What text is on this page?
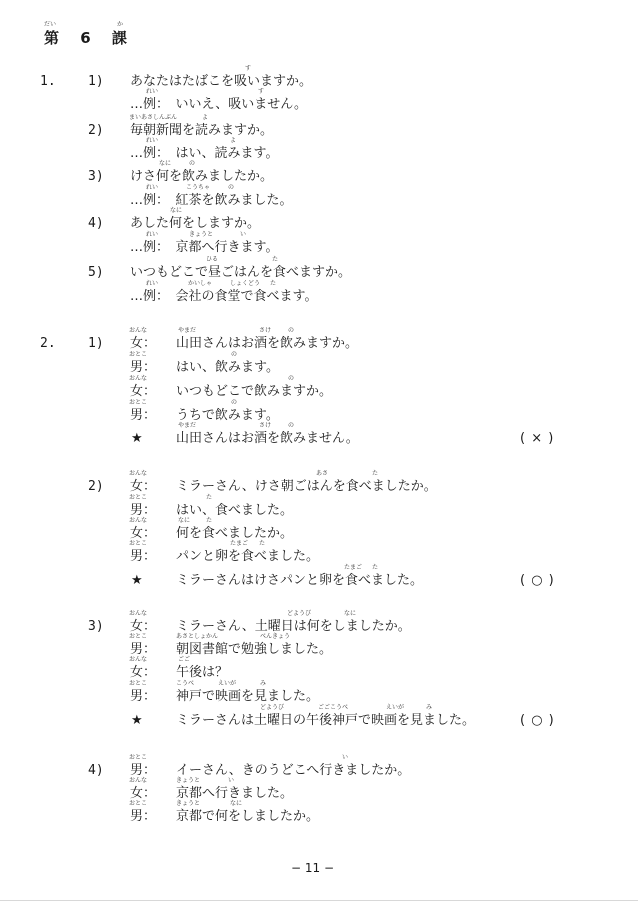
だい	か
第 6 課
1. 1)
す
あなたはたばこを吸いますか。
れい	す
…例：　いいえ、吸いません。
2)
まいあさしんぶん	よ
毎朝新聞を読みますか。
れい	よ
…例：　はい、読みます。
3)
なに	の
けさ何を飲みましたか。
れい	こうちゃ	の
…例：　紅茶を飲みました。
4)
なに
あした何をしますか。
れい	きょうと	い
…例：　京都へ行きます。
5)
ひる	た
いつもどこで昼ごはんを食べますか。
れい	かいしゃ	しょくどう た
…例：　会社の食堂で食べます。
2. 1)
おんな	やまだ	さけ	の
女： 山田さんはお酒を飲みますか。
おとこ	の
男： はい、飲みます。
おんな	の
女： いつもどこで飲みますか。
おとこ	の
男： うちで飲みます。
★
やまだ	さけ	の
山田さんはお酒を飲みません。	( × )
2)
おんな	あさ	た
女： ミラーさん、けさ朝ごはんを食べましたか。
おとこ	た
男： はい、食べました。
おんな	なに	た
女： 何を食べましたか。
おとこ	たまご た
男： パンと卵を食べました。
★
たまご た
ミラーさんはけさパンと卵を食べました。	( ○ )
3)
おんな	どようび	なに
女： ミラーさん、土曜日は何をしましたか。
おとこ	あさとしょかん	べんきょう
男： 朝図書館で勉強しました。
おんな	ごご
女： 午後は？
おとこ	こうべ	えいが	み
男： 神戸で映画を見ました。
★
どようび	ごごこうべ	えいが	み
ミラーさんは土曜日の午後神戸で映画を見ました。	( ○ )
4)
おとこ	い
男： イーさん、きのうどこへ行きましたか。
おんな	きょうと	い
女： 京都へ行きました。
おとこ	きょうと	なに
男： 京都で何をしましたか。
− 11 −
